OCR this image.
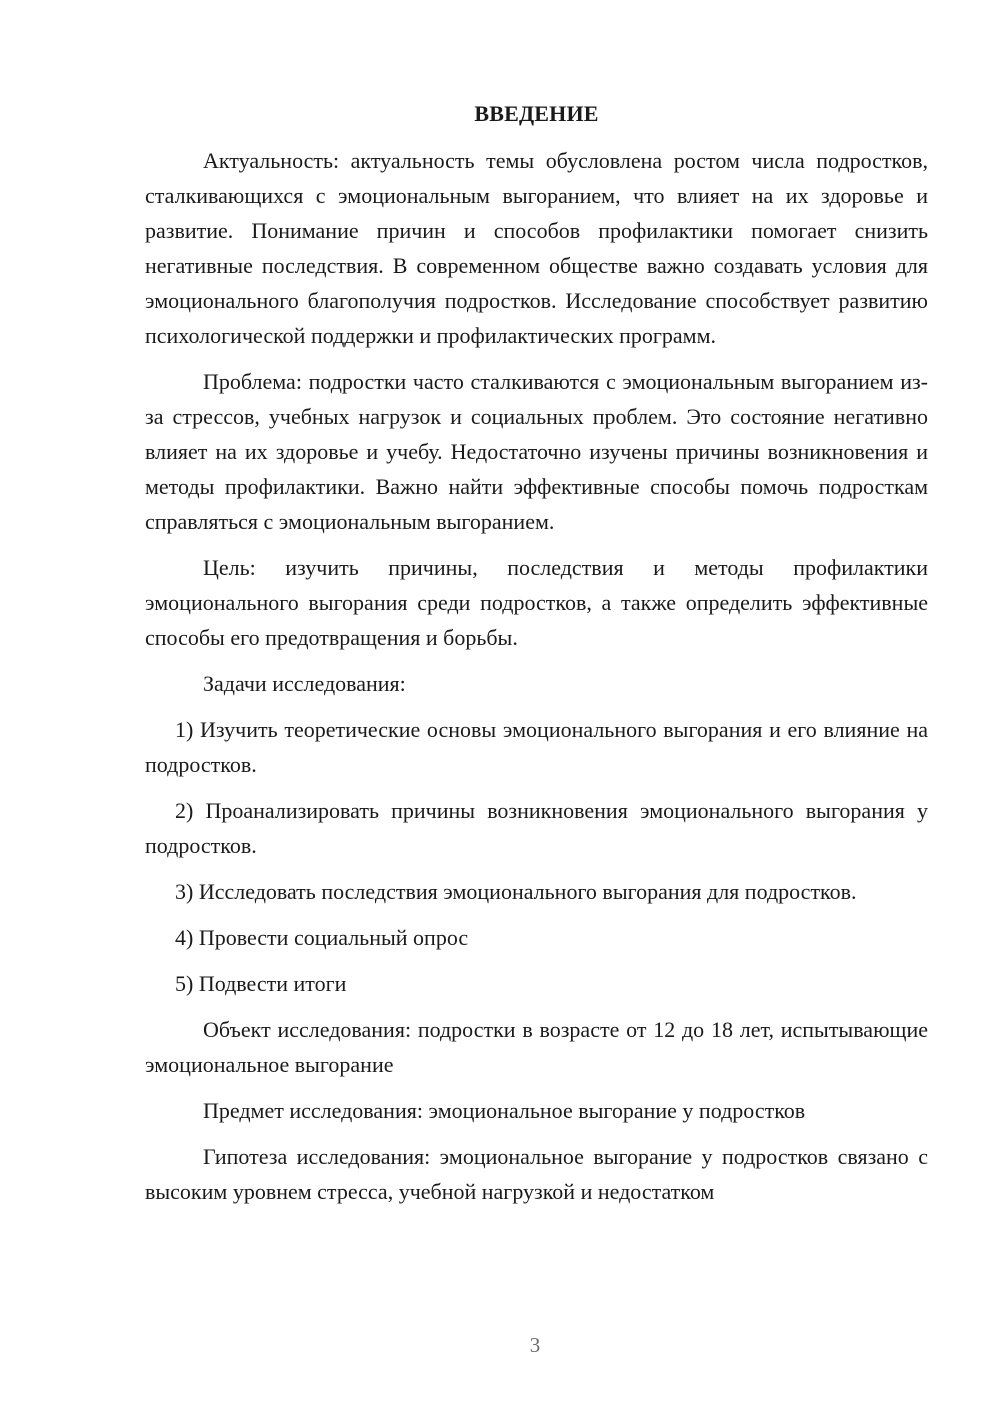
ВВЕДЕНИЕ

Актуальность: актуальность темы обусловлена ростом числа подростков, сталкивающихся с эмоциональным выгоранием, что влияет на их здоровье и развитие. Понимание причин и способов профилактики помогает снизить негативные последствия. В современном обществе важно создавать условия для эмоционального благополучия подростков. Исследование способствует развитию психологической поддержки и профилактических программ.

Проблема: подростки часто сталкиваются с эмоциональным выгоранием из-за стрессов, учебных нагрузок и социальных проблем. Это состояние негативно влияет на их здоровье и учебу. Недостаточно изучены причины возникновения и методы профилактики. Важно найти эффективные способы помочь подросткам справляться с эмоциональным выгоранием.

Цель: изучить причины, последствия и методы профилактики эмоционального выгорания среди подростков, а также определить эффективные способы его предотвращения и борьбы.

Задачи исследования:

1) Изучить теоретические основы эмоционального выгорания и его влияние на подростков.

2) Проанализировать причины возникновения эмоционального выгорания у подростков.

3) Исследовать последствия эмоционального выгорания для подростков.

4) Провести социальный опрос

5) Подвести итоги

Объект исследования: подростки в возрасте от 12 до 18 лет, испытывающие эмоциональное выгорание

Предмет исследования: эмоциональное выгорание у подростков

Гипотеза исследования: эмоциональное выгорание у подростков связано с высоким уровнем стресса, учебной нагрузкой и недостатком

3
